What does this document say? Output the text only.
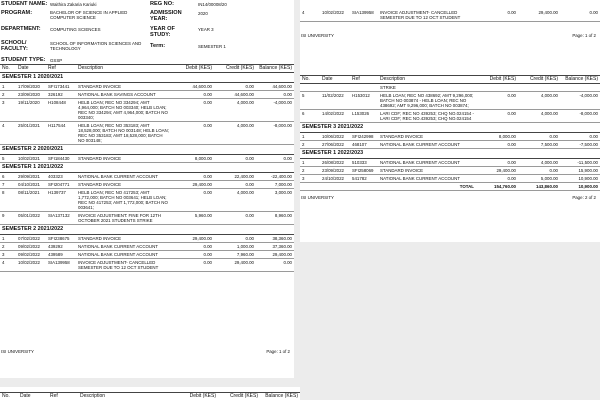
STUDENT NAME: Waithira Zakaria Kariuki
PROGRAM:	BACHELOR OF SCIENCE IN APPLIED COMPUTER SCIENCE
DEPARTMENT: COMPUTING SCIENCES
SCHOOL/ FACULTY:
SCHOOL OF INFORMATION SCIENCES AND TECHNOLOGY
STUDENT TYPE: GSSP
REG NO:	IN14/00008/20
ADMISSION YEAR:
2020
YEAR OF STUDY:
YEAR 3
Term:	SEMESTER 1
No.	Date	Ref	Description	Debit (KES)	Credit (KES)	Balance (KES)
SEMESTER 1 2020/2021						
1	17/09/2020	SFI173441	STANDARD INVOICE	44,600.00	0.00	44,600.00
2	23/09/2020	326192	NATIONAL BANK SAVINGS ACCOUNT	0.00	44,600.00	0.00
3	19/11/2020	H108448	HELB LOAN; REC NO 334294; AMT 4,964,000; BATCH NO 003340; HELB LOAN; REC NO 334294; AMT 4,964,000; BATCH NO 003340;	0.00	4,000.00	-4,000.00
4	25/01/2021	H117544	HELB LOAN; REC NO 353183; AMT 18,528,000; BATCH NO 003148; HELB LOAN; REC NO 353183; AMT 18,528,000; BATCH NO 003148;	0.00	4,000.00	-8,000.00
SEMESTER 2 2020/2021						
5	10/02/2021	SFI184430	STANDARD INVOICE	8,000.00	0.00	0.00
SEMESTER 1 2021/2022						
6	29/09/2021	403323	NATIONAL BANK CURRENT ACCOUNT	0.00	22,400.00	-22,400.00
7	04/10/2021	SFI204771	STANDARD INVOICE	29,400.00	0.00	7,000.00
8	08/11/2021	H139737	HELB LOAN; REC NO 417253; AMT 1,772,000; BATCH NO 003641; HELB LOAN; REC NO 417253; AMT 1,772,000; BATCH NO 003641;	0.00	4,000.00	3,000.00
9	05/01/2022	SIA137132	INVOICE ADJUSTMENT: FINE FOR 12TH OCTOBER 2021 STUDENTS STRIKE	5,960.00	0.00	8,960.00
SEMESTER 2 2021/2022						
1	07/02/2022	SFI238675	STANDARD INVOICE	29,400.00	0.00	38,360.00
2	09/02/2022	439292	NATIONAL BANK CURRENT ACCOUNT	0.00	1,000.00	37,360.00
3	09/02/2022	439589	NATIONAL BANK CURRENT ACCOUNT	0.00	7,960.00	29,400.00
4	10/02/2022	SIA139958	INVOICE ADJUSTMENT- CANCELLED SEMESTER DUE TO 12 OCT STUDENT	0.00	29,400.00	0.00
ISI UNIVERSITY	Page: 1 of 2
4	10/02/2022	SIA139958	INVOICE ADJUSTMENT- CANCELLED SEMESTER DUE TO 12 OCT STUDENT	0.00	29,400.00	0.00
ISI UNIVERSITY	Page: 1 of 2
No.	Date	Ref	Description	Debit (KES)	Credit (KES)	Balance (KES)
			STRIKE			
5	11/02/2022	H153012	HELB LOAN; REC NO 438692; AMT 9,296,000; BATCH NO 003874 - HELB LOAN; REC NO 438692; AMT 9,296,000; BATCH NO 003874;	0.00	4,000.00	-4,000.00
6	14/02/2022	L153026	LARI CDF; REC NO 439253; CHQ NO.024154 - LARI CDF; REC NO.439253; CHQ NO.024154	0.00	4,000.00	-8,000.00
SEMESTER 3 2021/2022						
1	10/06/2022	SFI242998	STANDARD INVOICE	8,000.00	0.00	0.00
2	27/06/2022	468107	NATIONAL BANK CURRENT ACCOUNT	0.00	7,500.00	-7,500.00
SEMESTER 1 2022/2023						
1	26/08/2022	510333	NATIONAL BANK CURRENT ACCOUNT	0.00	4,000.00	-11,500.00
2	23/09/2022	SFI258069	STANDARD INVOICE	29,400.00	0.00	15,900.00
3	24/10/2022	541782	NATIONAL BANK CURRENT ACCOUNT	0.00	5,000.00	10,900.00
			TOTAL	154,760.00	143,860.00	10,900.00
ISI UNIVERSITY	Page: 2 of 2
No.	Date	Ref	Description	Debit (KES)	Credit (KES)	Balance (KES)
